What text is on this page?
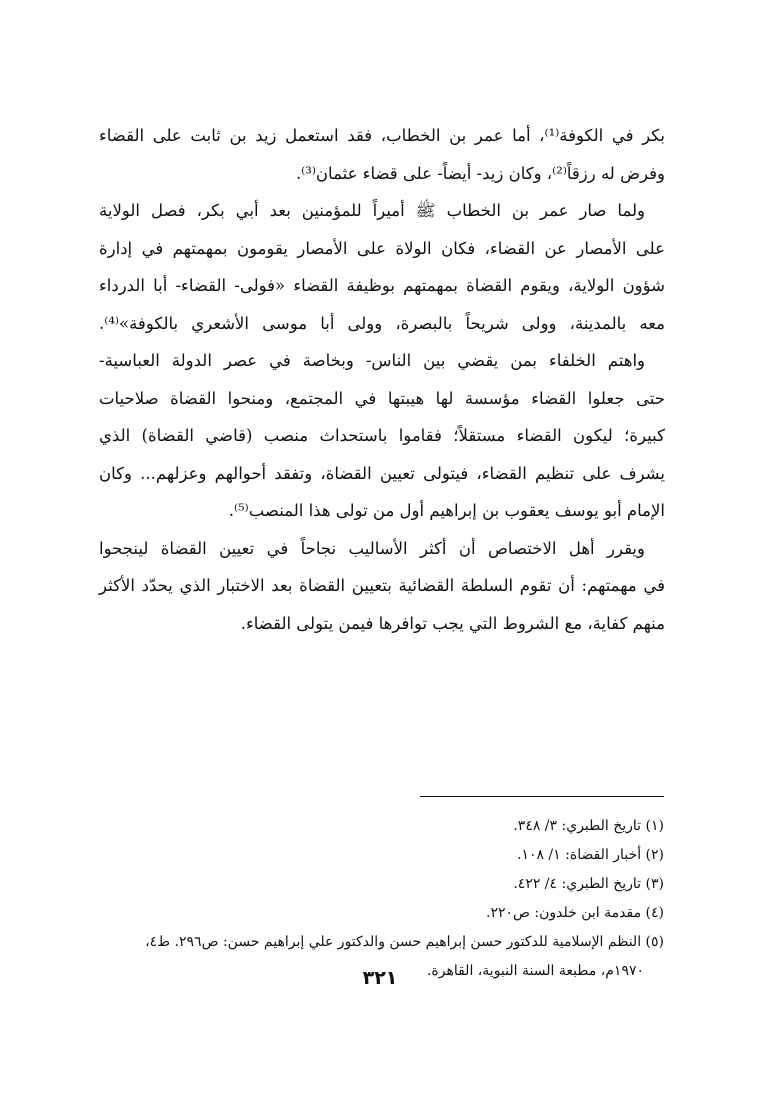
بكر في الكوفة⁽¹⁾، أما عمر بن الخطاب، فقد استعمل زيد بن ثابت على القضاء
وفرض له رزقاً⁽²⁾، وكان زيد- أيضاً- على قضاء عثمان⁽³⁾.
ولما صار عمر بن الخطاب ﷺ أميراً للمؤمنين بعد أبي بكر، فصل الولاية
على الأمصار عن القضاء، فكان الولاة على الأمصار يقومون بمهمتهم في إدارة
شؤون الولاية، ويقوم القضاة بمهمتهم بوظيفة القضاء «فولى- القضاء- أبا الدرداء
معه بالمدينة، وولى شريحاً بالبصرة، وولى أبا موسى الأشعري بالكوفة»⁽⁴⁾.
واهتم الخلفاء بمن يقضي بين الناس- وبخاصة في عصر الدولة العباسية-
حتى جعلوا القضاء مؤسسة لها هيبتها في المجتمع، ومنحوا القضاة صلاحيات
كبيرة؛ ليكون القضاء مستقلاً؛ فقاموا باستحداث منصب (قاضي القضاة) الذي
يشرف على تنظيم القضاء، فيتولى تعيين القضاة، وتفقد أحوالهم وعزلهم... وكان
الإمام أبو يوسف يعقوب بن إبراهيم أول من تولى هذا المنصب⁽⁵⁾.
ويقرر أهل الاختصاص أن أكثر الأساليب نجاحاً في تعيين القضاة لينجحوا
في مهمتهم: أن تقوم السلطة القضائية بتعيين القضاة بعد الاختبار الذي يحدّد الأكثر
منهم كفاية، مع الشروط التي يجب توافرها فيمن يتولى القضاء.
(١) تاريخ الطبري: ٣/ ٣٤٨.
(٢) أخبار القضاة: ١/ ١٠٨.
(٣) تاريخ الطبري: ٤/ ٤٢٢.
(٤) مقدمة ابن خلدون: ص٢٢٠.
(٥) النظم الإسلامية للدكتور حسن إبراهيم حسن والدكتور علي إبراهيم حسن: ص٢٩٦. ط٤،
١٩٧٠م، مطبعة السنة النبوية، القاهرة.
٣٢١
